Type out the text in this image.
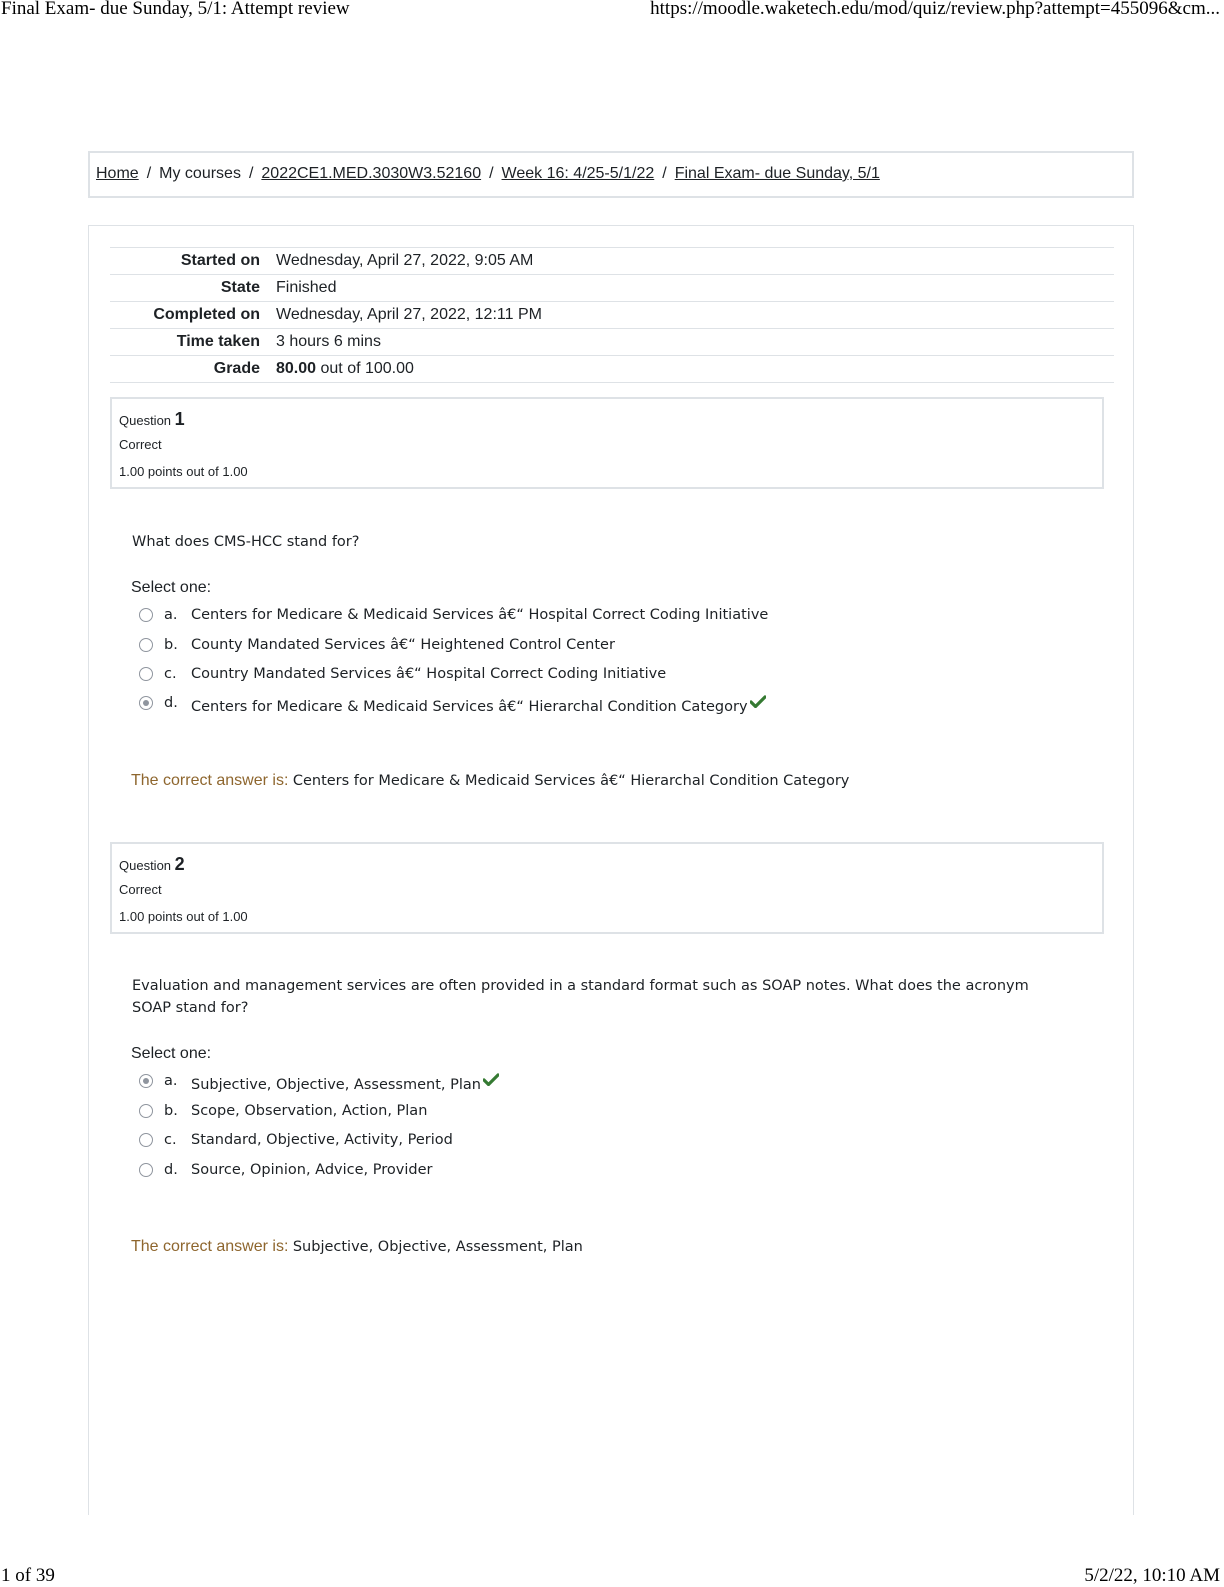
Final Exam- due Sunday, 5/1: Attempt review	https://moodle.waketech.edu/mod/quiz/review.php?attempt=455096&cm...
Home / My courses / 2022CE1.MED.3030W3.52160 / Week 16: 4/25-5/1/22 / Final Exam- due Sunday, 5/1
Started on	Wednesday, April 27, 2022, 9:05 AM
State	Finished
Completed on	Wednesday, April 27, 2022, 12:11 PM
Time taken	3 hours 6 mins
Grade	80.00 out of 100.00
Question 1
Correct
1.00 points out of 1.00
What does CMS-HCC stand for?
Select one:
a. Centers for Medicare & Medicaid Services â€“ Hospital Correct Coding Initiative
b. County Mandated Services â€“ Heightened Control Center
c. Country Mandated Services â€“ Hospital Correct Coding Initiative
d. Centers for Medicare & Medicaid Services â€“ Hierarchal Condition Category
The correct answer is: Centers for Medicare & Medicaid Services â€“ Hierarchal Condition Category
Question 2
Correct
1.00 points out of 1.00
Evaluation and management services are often provided in a standard format such as SOAP notes. What does the acronym SOAP stand for?
Select one:
a. Subjective, Objective, Assessment, Plan
b. Scope, Observation, Action, Plan
c. Standard, Objective, Activity, Period
d. Source, Opinion, Advice, Provider
The correct answer is: Subjective, Objective, Assessment, Plan
1 of 39	5/2/22, 10:10 AM
